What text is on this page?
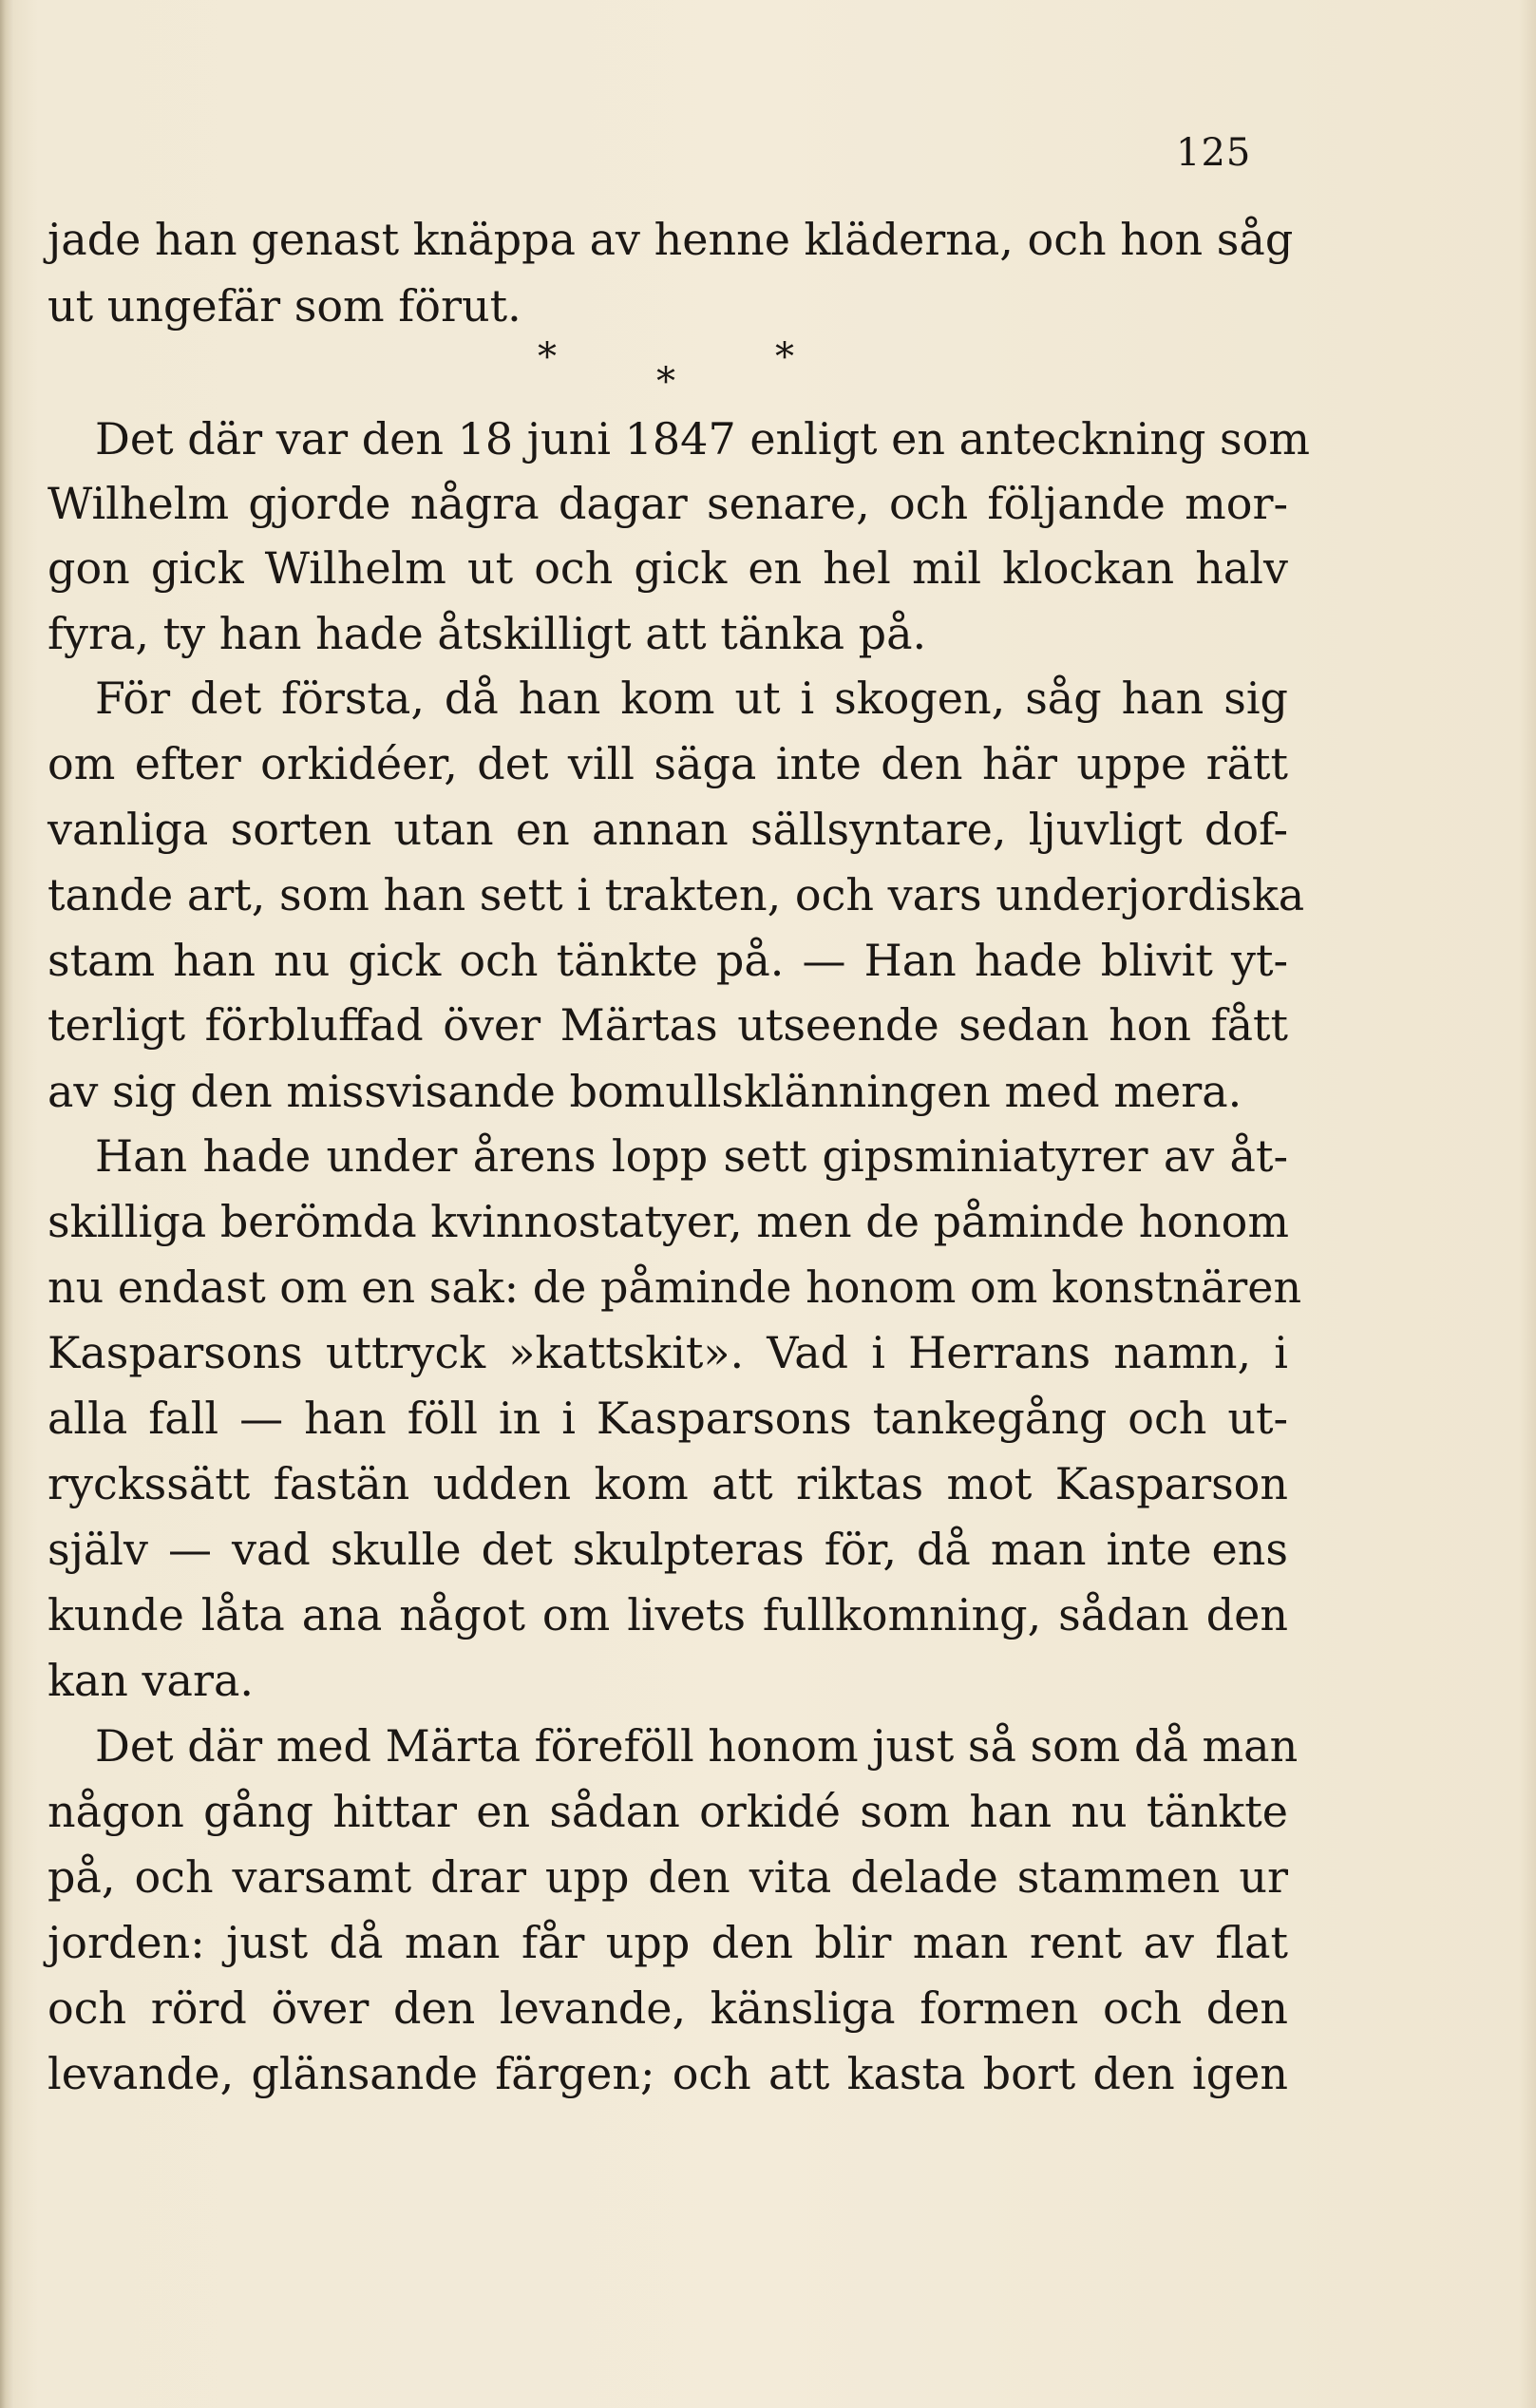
125
jade han genast knäppa av henne kläderna, och hon såg
ut ungefär som förut.
*	*
*
Det där var den 18 juni 1847 enligt en anteckning som
Wilhelm gjorde några dagar senare, och följande mor-
gon gick Wilhelm ut och gick en hel mil klockan halv
fyra, ty han hade åtskilligt att tänka på.
För det första, då han kom ut i skogen, såg han sig
om efter orkidéer, det vill säga inte den här uppe rätt
vanliga sorten utan en annan sällsyntare, ljuvligt dof-
tande art, som han sett i trakten, och vars underjordiska
stam han nu gick och tänkte på. — Han hade blivit yt-
terligt förbluffad över Märtas utseende sedan hon fått
av sig den missvisande bomullsklänningen med mera.
Han hade under årens lopp sett gipsminiatyrer av åt-
skilliga berömda kvinnostatyer, men de påminde honom
nu endast om en sak: de påminde honom om konstnären
Kasparsons uttryck »kattskit». Vad i Herrans namn, i
alla fall — han föll in i Kasparsons tankegång och ut-
ryckssätt fastän udden kom att riktas mot Kasparson
själv — vad skulle det skulpteras för, då man inte ens
kunde låta ana något om livets fullkomning, sådan den
kan vara.
Det där med Märta föreföll honom just så som då man
någon gång hittar en sådan orkidé som han nu tänkte
på, och varsamt drar upp den vita delade stammen ur
jorden: just då man får upp den blir man rent av flat
och rörd över den levande, känsliga formen och den
levande, glänsande färgen; och att kasta bort den igen
